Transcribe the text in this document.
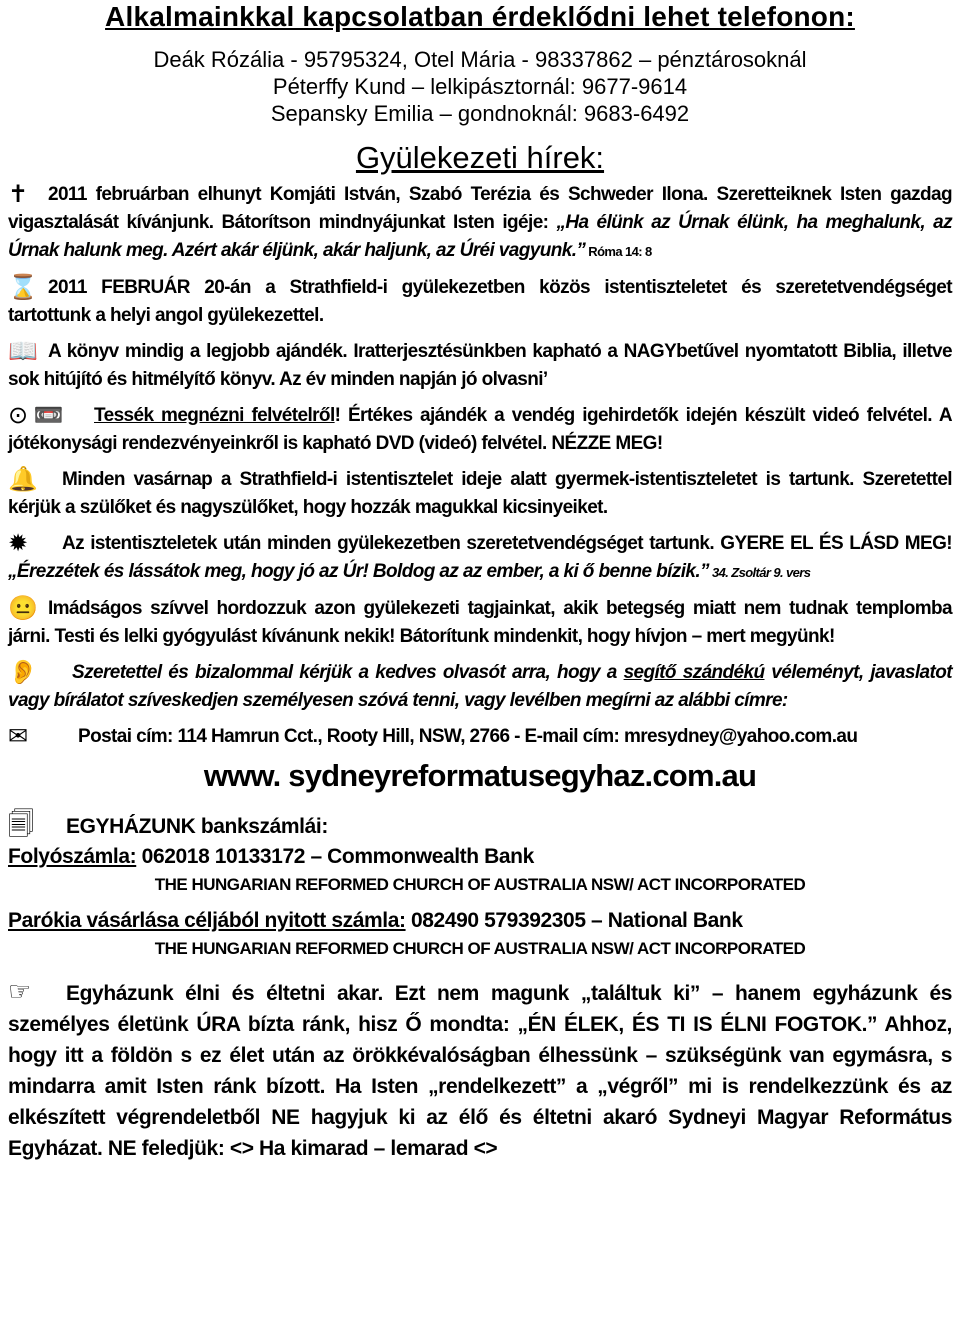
Alkalmainkkal kapcsolatban érdeklődni lehet telefonon:
Deák Rózália - 95795324, Otel Mária - 98337862 – pénztárosoknál
Péterffy Kund – lelkipásztornál: 9677-9614
Sepansky Emilia – gondnoknál: 9683-6492
Gyülekezeti hírek:
✝ 2011 februárban elhunyt Komjáti István, Szabó Terézia és Schweder Ilona. Szeretteiknek Isten gazdag vigasztalását kívánjunk. Bátorítson mindnyájunkat Isten igéje: „Ha élünk az Úrnak élünk, ha meghalunk, az Úrnak halunk meg. Azért akár éljünk, akár haljunk, az Úréi vagyunk.” Róma 14: 8
⌛ 2011 FEBRUÁR 20-án a Strathfield-i gyülekezetben közös istentiszteletet és szeretetvendégséget tartottunk a helyi angol gyülekezettel.
📖 A könyv mindig a legjobb ajándék. Iratterjesztésünkben kapható a NAGYbetűvel nyomtatott Biblia, illetve sok hitújító és hitmélyítő könyv. Az év minden napján jó olvasni’
⊙ 📼 Tessék megnézni felvételről! Értékes ajándék a vendég igehirdetők idején készült videó felvétel. A jótékonysági rendezvényeinkről is kapható DVD (videó) felvétel. NÉZZE MEG!
🔔 Minden vasárnap a Strathfield-i istentisztelet ideje alatt gyermek-istentiszteletet is tartunk. Szeretettel kérjük a szülőket és nagyszülőket, hogy hozzák magukkal kicsinyeiket.
✹ Az istentiszteletek után minden gyülekezetben szeretetvendégséget tartunk. GYERE EL ÉS LÁSD MEG! „Érezzétek és lássátok meg, hogy jó az Úr! Boldog az az ember, a ki ő benne bízik.” 34. Zsoltár 9. vers
😐 Imádságos szívvel hordozzuk azon gyülekezeti tagjainkat, akik betegség miatt nem tudnak templomba járni. Testi és lelki gyógyulást kívánunk nekik! Bátorítunk mindenkit, hogy hívjon – mert megyünk!
👂 Szeretettel és bizalommal kérjük a kedves olvasót arra, hogy a segítő szándékú véleményt, javaslatot vagy bírálatot szíveskedjen személyesen szóvá tenni, vagy levélben megírni az alábbi címre:
✉	Postai cím: 114 Hamrun Cct., Rooty Hill, NSW, 2766 - E-mail cím: mresydney@yahoo.com.au
www. sydneyreformatusegyhaz.com.au
🗐 EGYHÁZUNK bankszámlái:
Folyószámla: 062018 10133172 – Commonwealth Bank
THE HUNGARIAN REFORMED CHURCH OF AUSTRALIA NSW/ ACT INCORPORATED
Parókia vásárlása céljából nyitott számla: 082490 579392305 – National Bank
THE HUNGARIAN REFORMED CHURCH OF AUSTRALIA NSW/ ACT INCORPORATED
☞ Egyházunk élni és éltetni akar. Ezt nem magunk „találtuk ki” – hanem egyházunk és személyes életünk ÚRA bízta ránk, hisz Ő mondta: „ÉN ÉLEK, ÉS TI IS ÉLNI FOGTOK.” Ahhoz, hogy itt a földön s ez élet után az örökkévalóságban élhessünk – szükségünk van egymásra, s mindarra amit Isten ránk bízott. Ha Isten „rendelkezett” a „végről” mi is rendelkezzünk és az elkészített végrendeletből NE hagyjuk ki az élő és éltetni akaró Sydneyi Magyar Református Egyházat. NE feledjük: <> Ha kimarad – lemarad <>
